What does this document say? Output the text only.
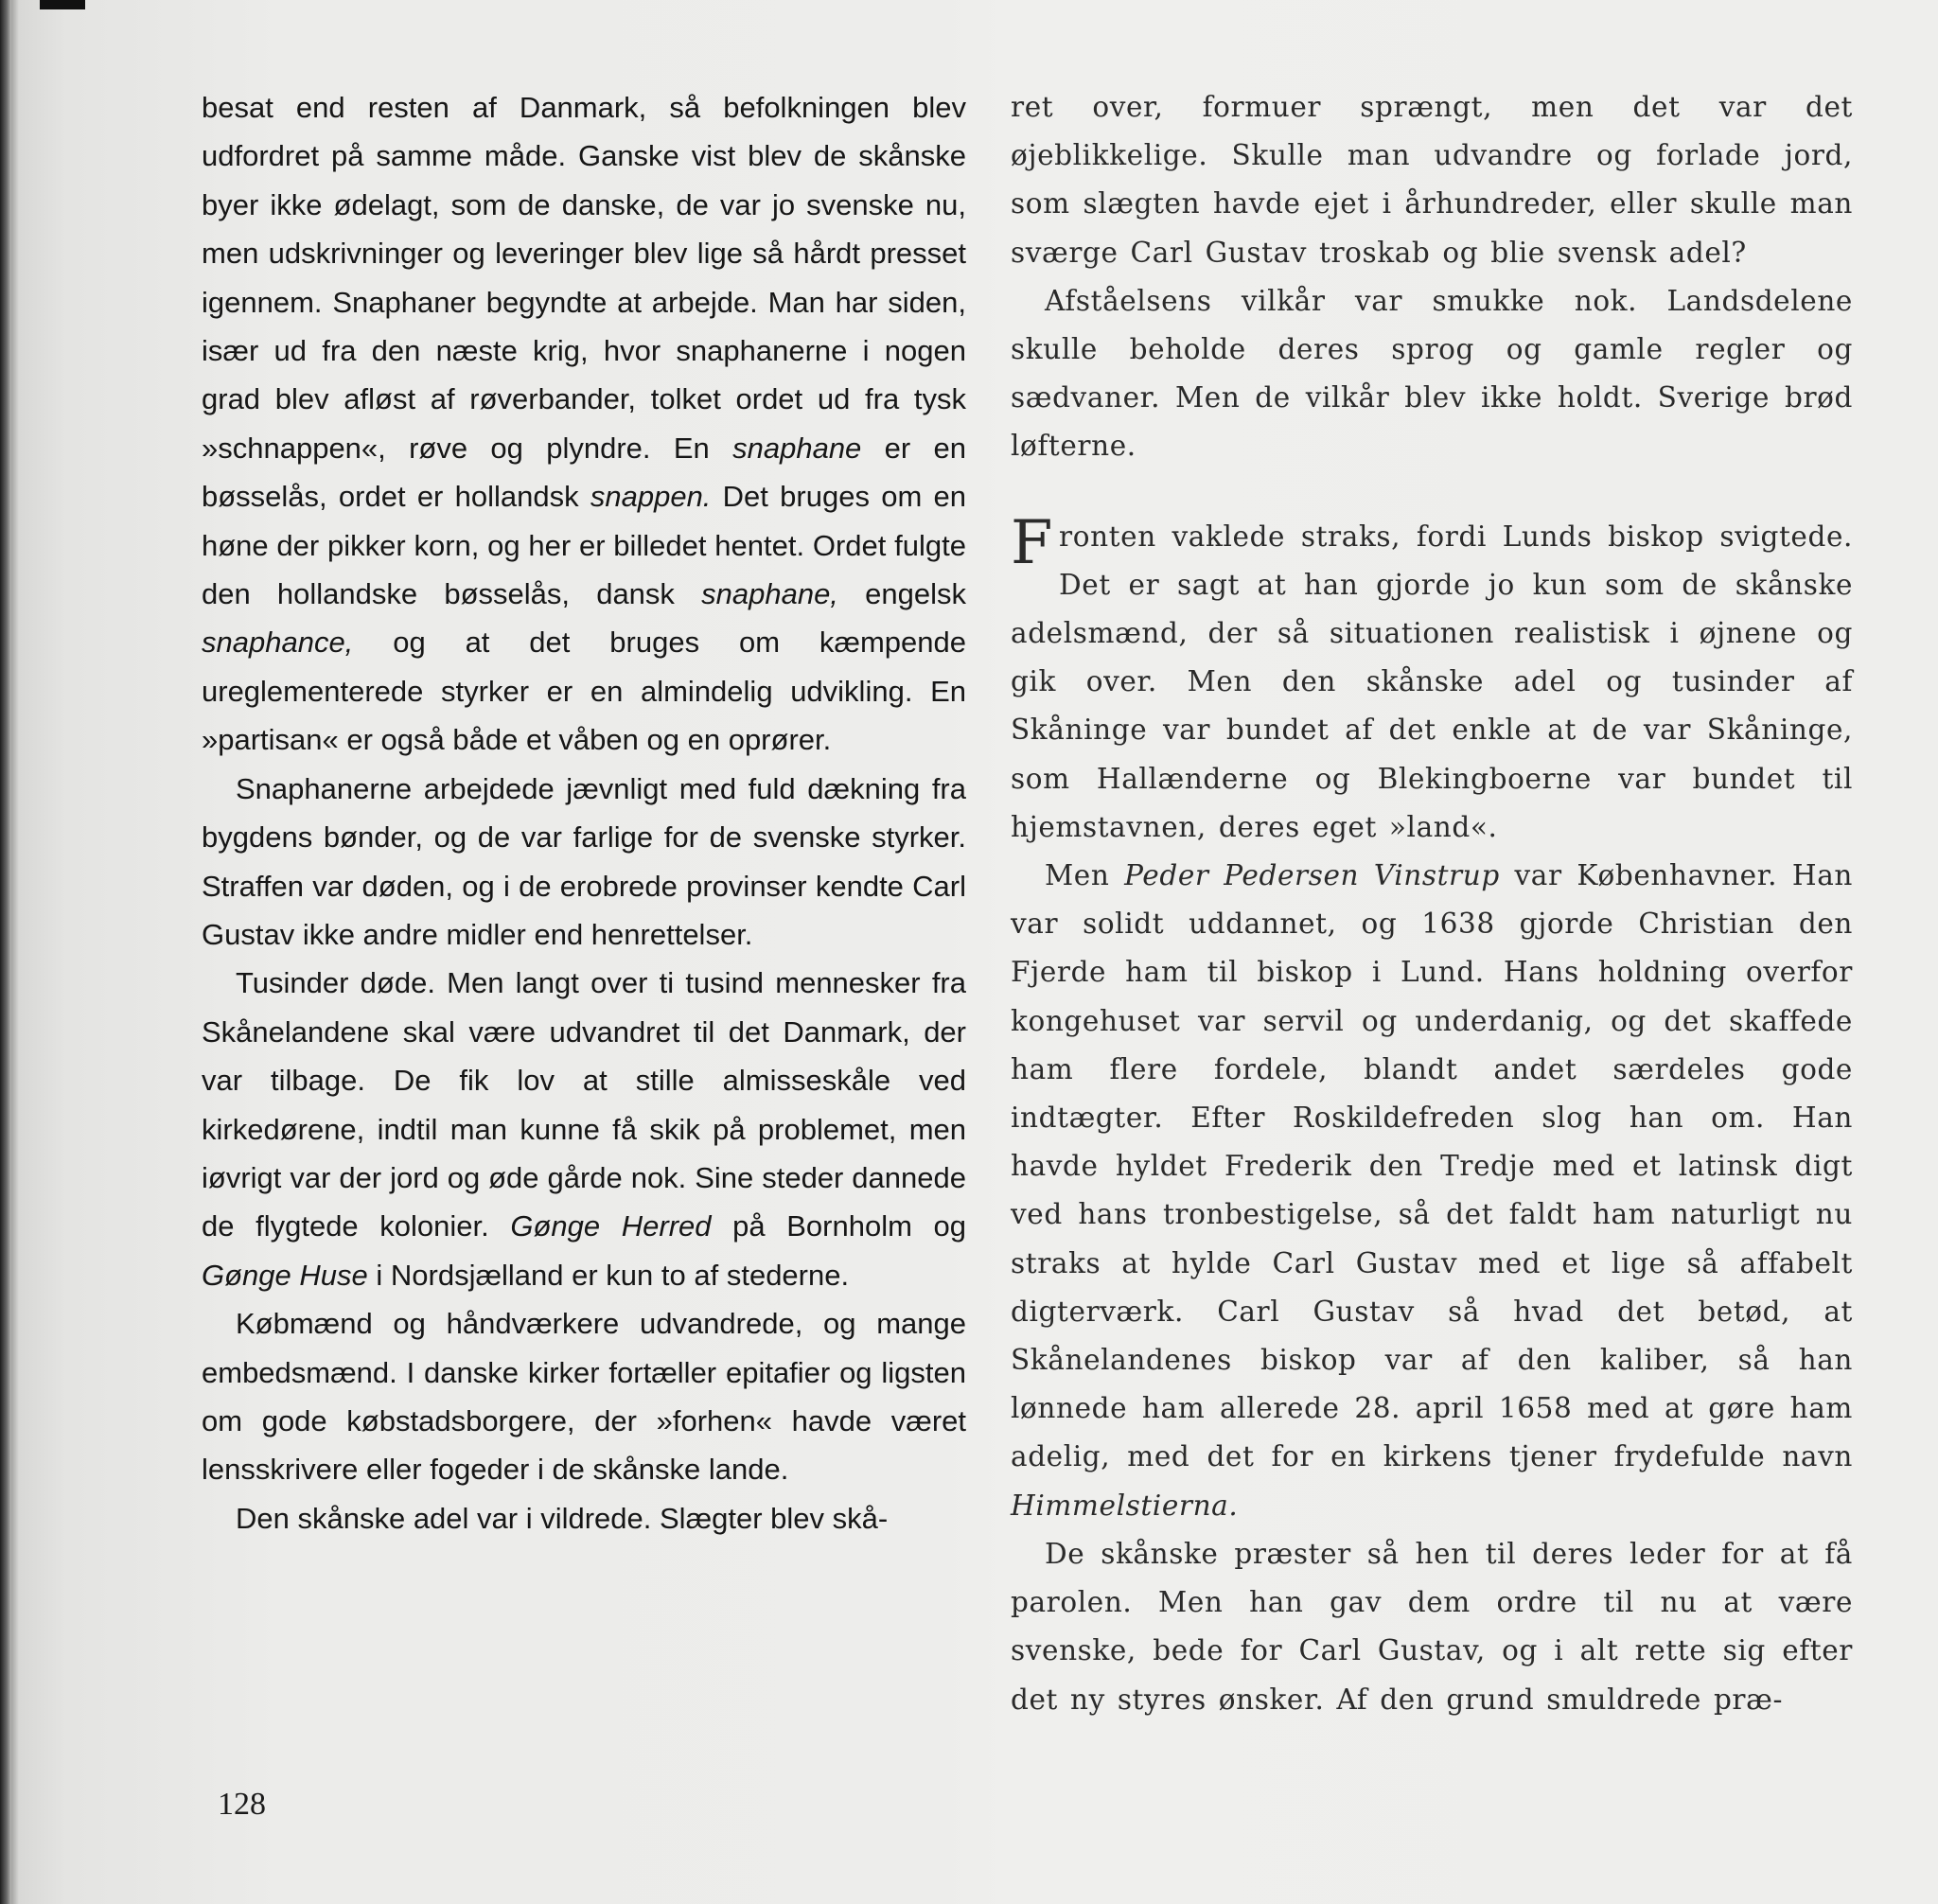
besat end resten af Danmark, så befolkningen blev udfordret på samme måde. Ganske vist blev de skånske byer ikke ødelagt, som de danske, de var jo svenske nu, men udskrivninger og leveringer blev lige så hårdt presset igennem. Snaphaner begyndte at arbejde. Man har siden, især ud fra den næste krig, hvor snaphanerne i nogen grad blev afløst af røverbander, tolket ordet ud fra tysk »schnappen«, røve og plyndre. En snaphane er en bøsselås, ordet er hollandsk snappen. Det bruges om en høne der pikker korn, og her er billedet hentet. Ordet fulgte den hollandske bøsselås, dansk snaphane, engelsk snaphance, og at det bruges om kæmpende ureglementerede styrker er en almindelig udvikling. En »partisan« er også både et våben og en oprører.

Snaphanerne arbejdede jævnligt med fuld dækning fra bygdens bønder, og de var farlige for de svenske styrker. Straffen var døden, og i de erobrede provinser kendte Carl Gustav ikke andre midler end henrettelser.

Tusinder døde. Men langt over ti tusind mennesker fra Skånelandene skal være udvandret til det Danmark, der var tilbage. De fik lov at stille almisseskåle ved kirkedørene, indtil man kunne få skik på problemet, men iøvrigt var der jord og øde gårde nok. Sine steder dannede de flygtede kolonier. Gønge Herred på Bornholm og Gønge Huse i Nordsjælland er kun to af stederne.

Købmænd og håndværkere udvandrede, og mange embedsmænd. I danske kirker fortæller epitafier og ligsten om gode købstadsborgere, der »forhen« havde været lensskrivere eller fogeder i de skånske lande.

Den skånske adel var i vildrede. Slægter blev skå-

ret over, formuer sprængt, men det var det øjeblikkelige. Skulle man udvandre og forlade jord, som slægten havde ejet i århundreder, eller skulle man sværge Carl Gustav troskab og blie svensk adel?

Afståelsens vilkår var smukke nok. Landsdelene skulle beholde deres sprog og gamle regler og sædvaner. Men de vilkår blev ikke holdt. Sverige brød løfterne.

Fronten vaklede straks, fordi Lunds biskop svigtede. Det er sagt at han gjorde jo kun som de skånske adelsmænd, der så situationen realistisk i øjnene og gik over. Men den skånske adel og tusinder af Skåninge var bundet af det enkle at de var Skåninge, som Hallænderne og Blekingboerne var bundet til hjemstavnen, deres eget »land«.

Men Peder Pedersen Vinstrup var Københavner. Han var solidt uddannet, og 1638 gjorde Christian den Fjerde ham til biskop i Lund. Hans holdning overfor kongehuset var servil og underdanig, og det skaffede ham flere fordele, blandt andet særdeles gode indtægter. Efter Roskildefreden slog han om. Han havde hyldet Frederik den Tredje med et latinsk digt ved hans tronbestigelse, så det faldt ham naturligt nu straks at hylde Carl Gustav med et lige så affabelt digterværk. Carl Gustav så hvad det betød, at Skånelandenes biskop var af den kaliber, så han lønnede ham allerede 28. april 1658 med at gøre ham adelig, med det for en kirkens tjener frydefulde navn Himmelstierna.

De skånske præster så hen til deres leder for at få parolen. Men han gav dem ordre til nu at være svenske, bede for Carl Gustav, og i alt rette sig efter det ny styres ønsker. Af den grund smuldrede præ-

128
